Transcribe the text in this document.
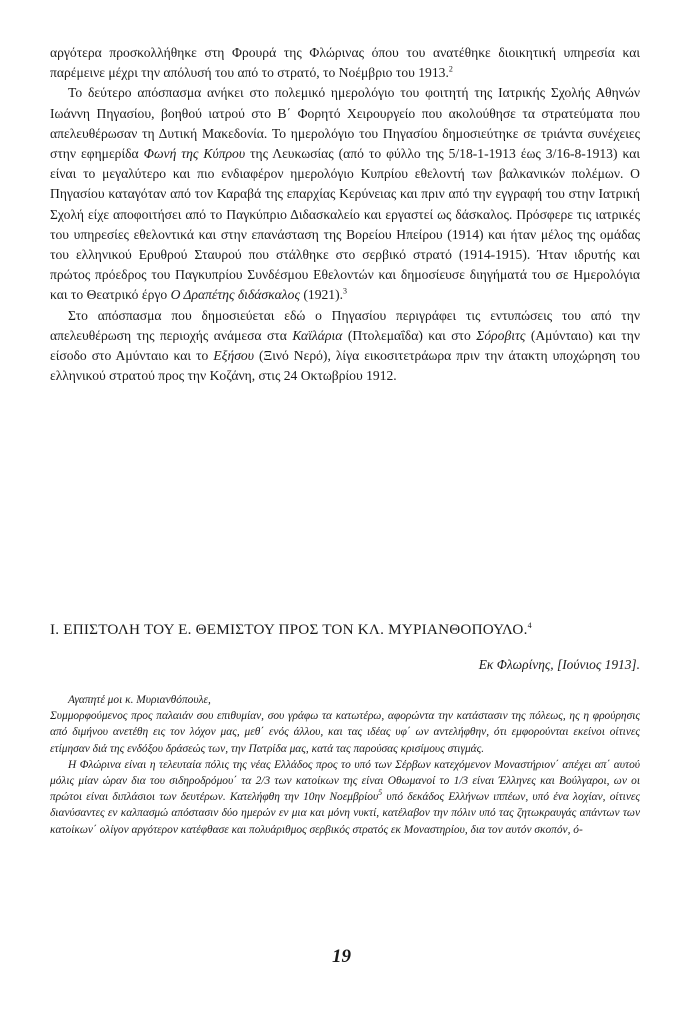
αργότερα προσκολλήθηκε στη Φρουρά της Φλώρινας όπου του ανατέθηκε διοικητική υπηρεσία και παρέμεινε μέχρι την απόλυσή του από το στρατό, το Νοέμβριο του 1913.$^2$

Το δεύτερο απόσπασμα ανήκει στο πολεμικό ημερολόγιο του φοιτητή της Ιατρικής Σχολής Αθηνών Ιωάννη Πηγασίου, βοηθού ιατρού στο Β΄ Φορητό Χειρουργείο που ακολούθησε τα στρατεύματα που απελευθέρωσαν τη Δυτική Μακεδονία. Το ημερολόγιο του Πηγασίου δημοσιεύτηκε σε τριάντα συνέχειες στην εφημερίδα Φωνή της Κύπρου της Λευκωσίας (από το φύλλο της 5/18-1-1913 έως 3/16-8-1913) και είναι το μεγαλύτερο και πιο ενδιαφέρον ημερολόγιο Κυπρίου εθελοντή των βαλκανικών πολέμων. Ο Πηγασίου καταγόταν από τον Καραβά της επαρχίας Κερύνειας και πριν από την εγγραφή του στην Ιατρική Σχολή είχε αποφοιτήσει από το Παγκύπριο Διδασκαλείο και εργαστεί ως δάσκαλος. Πρόσφερε τις ιατρικές του υπηρεσίες εθελοντικά και στην επανάσταση της Βορείου Ηπείρου (1914) και ήταν μέλος της ομάδας του ελληνικού Ερυθρού Σταυρού που στάλθηκε στο σερβικό στρατό (1914-1915). Ήταν ιδρυτής και πρώτος πρόεδρος του Παγκυπρίου Συνδέσμου Εθελοντών και δημοσίευσε διηγήματά του σε Ημερολόγια και το Θεατρικό έργο Ο Δραπέτης διδάσκαλος (1921).$^3$

Στο απόσπασμα που δημοσιεύεται εδώ ο Πηγασίου περιγράφει τις εντυπώσεις του από την απελευθέρωση της περιοχής ανάμεσα στα Καϊλάρια (Πτολεμαΐδα) και στο Σόροβιτς (Αμύνταιο) και την είσοδο στο Αμύνταιο και το Εξήσου (Ξινό Νερό), λίγα εικοσιτετράωρα πριν την άτακτη υποχώρηση του ελληνικού στρατού προς την Κοζάνη, στις 24 Οκτωβρίου 1912.

Ι. ΕΠΙΣΤΟΛΗ ΤΟΥ Ε. ΘΕΜΙΣΤΟΥ ΠΡΟΣ ΤΟΝ ΚΛ. ΜΥΡΙΑΝΘΟΠΟΥΛΟ.$^4$
Εκ Φλωρίνης, [Ιούνιος 1913].

Αγαπητέ μοι κ. Μυριανθόπουλε,

Συμμορφούμενος προς παλαιάν σου επιθυμίαν, σου γράφω τα κατωτέρω, αφορώντα την κατάστασιν της πόλεως, ης η φρούρησις από διμήνου ανετέθη εις τον λόχον μας, μεθ΄ ενός άλλου, και τας ιδέας υφ΄ ων αντελήφθην, ότι εμφορούνται εκείνοι οίτινες ετίμησαν διά της ενδόξου δράσεώς των, την Πατρίδα μας, κατά τας παρούσας κρισίμους στιγμάς.

Η Φλώρινα είναι η τελευταία πόλις της νέας Ελλάδος προς το υπό των Σέρβων κατεχόμενον Μοναστήριον΄ απέχει απ΄ αυτού μόλις μίαν ώραν δια του σιδηροδρόμου΄ τα 2/3 των κατοίκων της είναι Οθωμανοί το 1/3 είναι Έλληνες και Βούλγαροι, ων οι πρώτοι είναι διπλάσιοι των δευτέρων. Κατελήφθη την 10ην Νοεμβρίου$^5$ υπό δεκάδος Ελλήνων ιππέων, υπό ένα λοχίαν, οίτινες διανύσαντες εν καλπασμώ απόστασιν δύο ημερών εν μια και μόνη νυκτί, κατέλαβον την πόλιν υπό τας ζητωκραυγάς απάντων των κατοίκων΄ ολίγον αργότερον κατέφθασε και πολυάριθμος σερβικός στρατός εκ Μοναστηρίου, δια τον αυτόν σκοπόν, ό-

19
